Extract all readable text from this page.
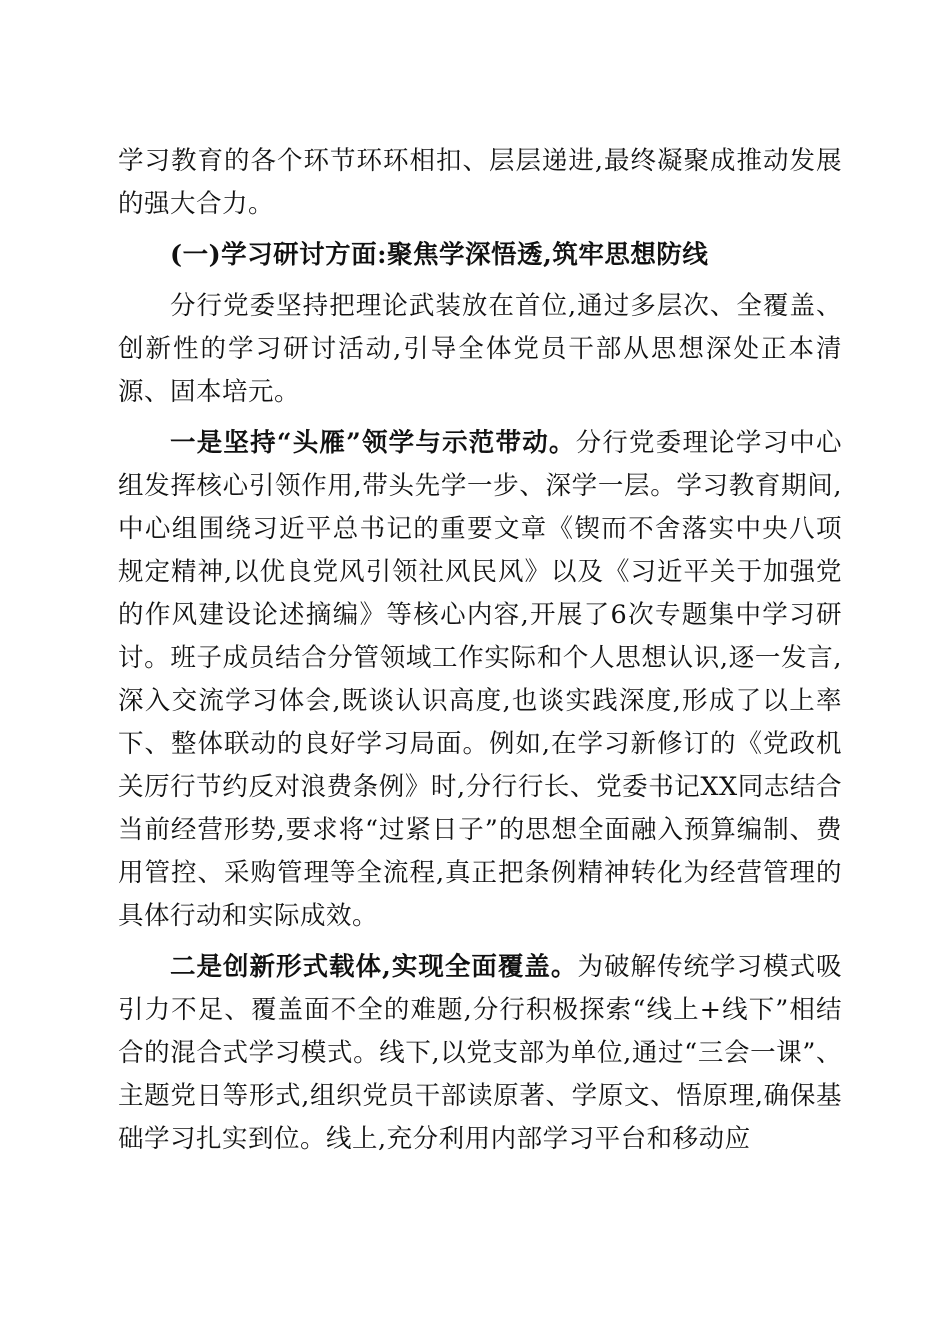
学习教育的各个环节环环相扣、层层递进,最终凝聚成推动发展的强大合力。

(一)学习研讨方面:聚焦学深悟透,筑牢思想防线

分行党委坚持把理论武装放在首位,通过多层次、全覆盖、创新性的学习研讨活动,引导全体党员干部从思想深处正本清源、固本培元。

一是坚持“头雁”领学与示范带动。分行党委理论学习中心组发挥核心引领作用,带头先学一步、深学一层。学习教育期间,中心组围绕习近平总书记的重要文章《锲而不舍落实中央八项规定精神,以优良党风引领社风民风》以及《习近平关于加强党的作风建设论述摘编》等核心内容,开展了6次专题集中学习研讨。班子成员结合分管领域工作实际和个人思想认识,逐一发言,深入交流学习体会,既谈认识高度,也谈实践深度,形成了以上率下、整体联动的良好学习局面。例如,在学习新修订的《党政机关厉行节约反对浪费条例》时,分行行长、党委书记XX同志结合当前经营形势,要求将“过紧日子”的思想全面融入预算编制、费用管控、采购管理等全流程,真正把条例精神转化为经营管理的具体行动和实际成效。

二是创新形式载体,实现全面覆盖。为破解传统学习模式吸引力不足、覆盖面不全的难题,分行积极探索“线上+线下”相结合的混合式学习模式。线下,以党支部为单位,通过“三会一课”、主题党日等形式,组织党员干部读原著、学原文、悟原理,确保基础学习扎实到位。线上,充分利用内部学习平台和移动应
